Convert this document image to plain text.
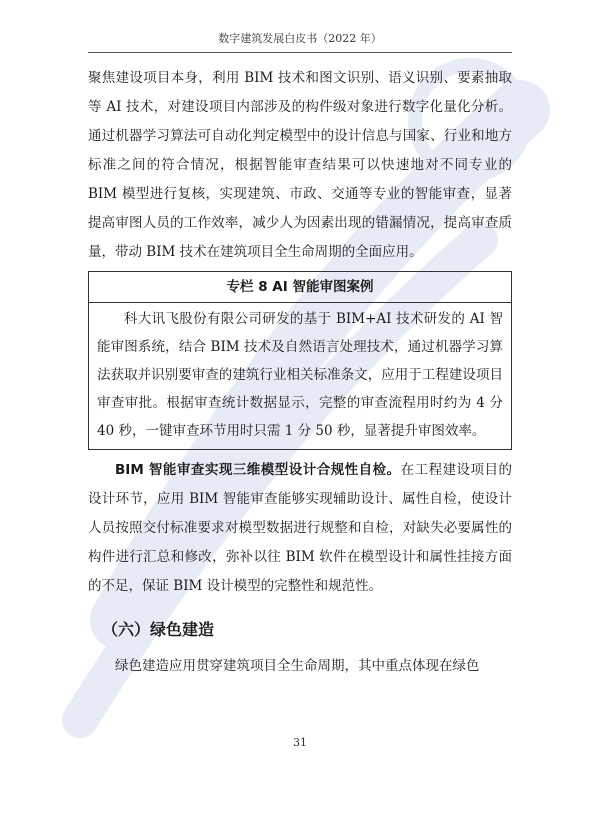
数字建筑发展白皮书（2022 年）

聚焦建设项目本身，利用 BIM 技术和图文识别、语义识别、要素抽取等 AI 技术，对建设项目内部涉及的构件级对象进行数字化量化分析。通过机器学习算法可自动化判定模型中的设计信息与国家、行业和地方标准之间的符合情况，根据智能审查结果可以快速地对不同专业的 BIM 模型进行复核，实现建筑、市政、交通等专业的智能审查，显著提高审图人员的工作效率，减少人为因素出现的错漏情况，提高审查质量，带动 BIM 技术在建筑项目全生命周期的全面应用。

专栏 8 AI 智能审图案例

科大讯飞股份有限公司研发的基于 BIM+AI 技术研发的 AI 智能审图系统，结合 BIM 技术及自然语言处理技术，通过机器学习算法获取并识别要审查的建筑行业相关标准条文，应用于工程建设项目审查审批。根据审查统计数据显示，完整的审查流程用时约为 4 分 40 秒，一键审查环节用时只需 1 分 50 秒，显著提升审图效率。

BIM 智能审查实现三维模型设计合规性自检。在工程建设项目的设计环节，应用 BIM 智能审查能够实现辅助设计、属性自检，使设计人员按照交付标准要求对模型数据进行规整和自检，对缺失必要属性的构件进行汇总和修改，弥补以往 BIM 软件在模型设计和属性挂接方面的不足，保证 BIM 设计模型的完整性和规范性。

（六）绿色建造

绿色建造应用贯穿建筑项目全生命周期，其中重点体现在绿色

31
